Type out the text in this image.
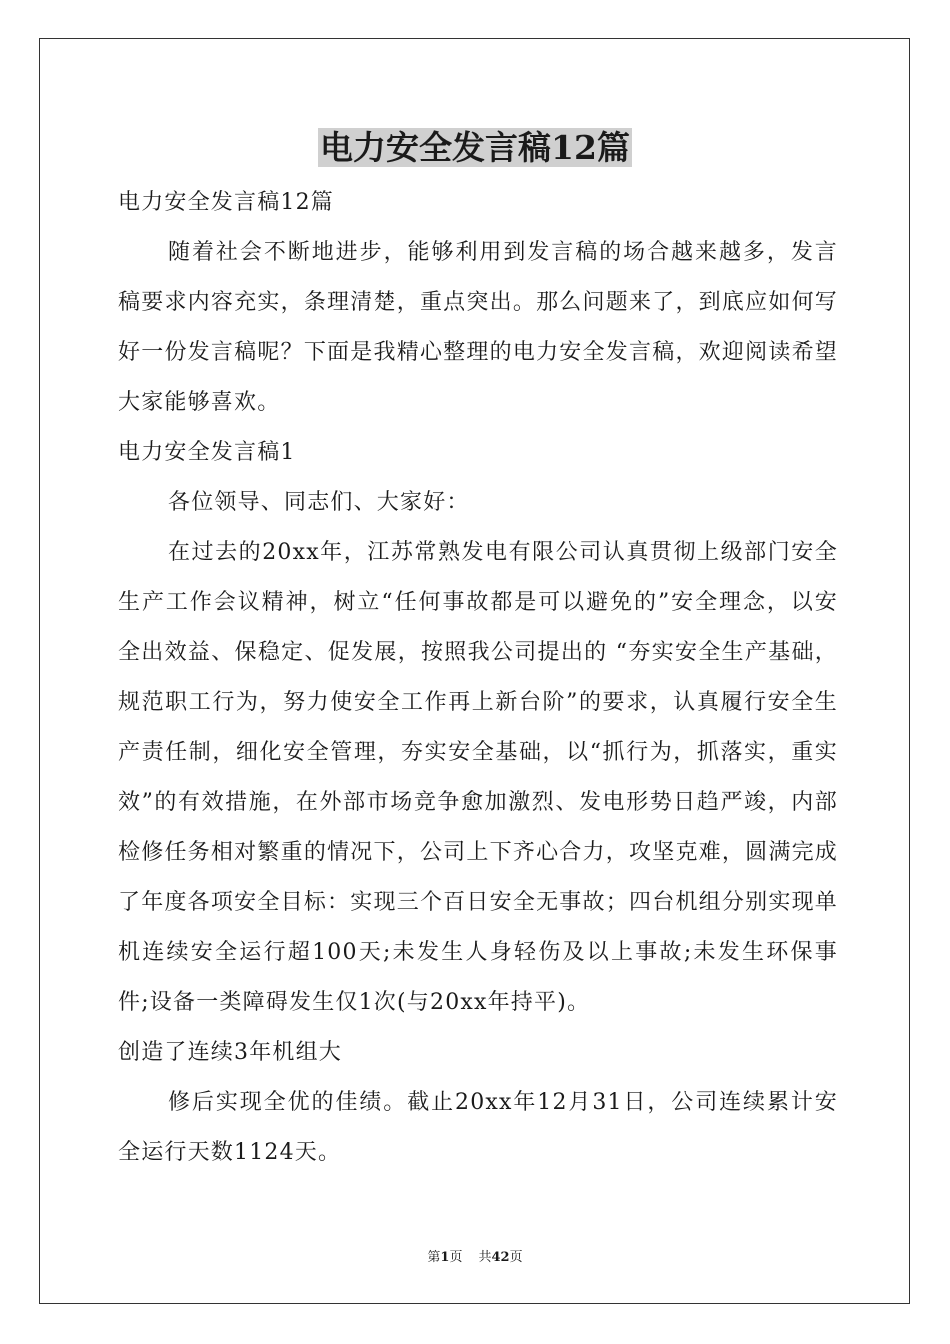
电力安全发言稿12篇

电力安全发言稿12篇

随着社会不断地进步，能够利用到发言稿的场合越来越多，发言稿要求内容充实，条理清楚，重点突出。那么问题来了，到底应如何写好一份发言稿呢？下面是我精心整理的电力安全发言稿，欢迎阅读希望大家能够喜欢。

电力安全发言稿1

各位领导、同志们、大家好：

在过去的20xx年，江苏常熟发电有限公司认真贯彻上级部门安全生产工作会议精神，树立“任何事故都是可以避免的”安全理念，以安全出效益、保稳定、促发展，按照我公司提出的 “夯实安全生产基础，规范职工行为，努力使安全工作再上新台阶”的要求，认真履行安全生产责任制，细化安全管理，夯实安全基础，以“抓行为，抓落实，重实效”的有效措施，在外部市场竞争愈加激烈、发电形势日趋严竣，内部检修任务相对繁重的情况下，公司上下齐心合力，攻坚克难，圆满完成了年度各项安全目标：实现三个百日安全无事故；四台机组分别实现单机连续安全运行超100天;未发生人身轻伤及以上事故;未发生环保事件;设备一类障碍发生仅1次(与20xx年持平)。

创造了连续3年机组大

修后实现全优的佳绩。截止20xx年12月31日，公司连续累计安全运行天数1124天。

第1页 共42页
